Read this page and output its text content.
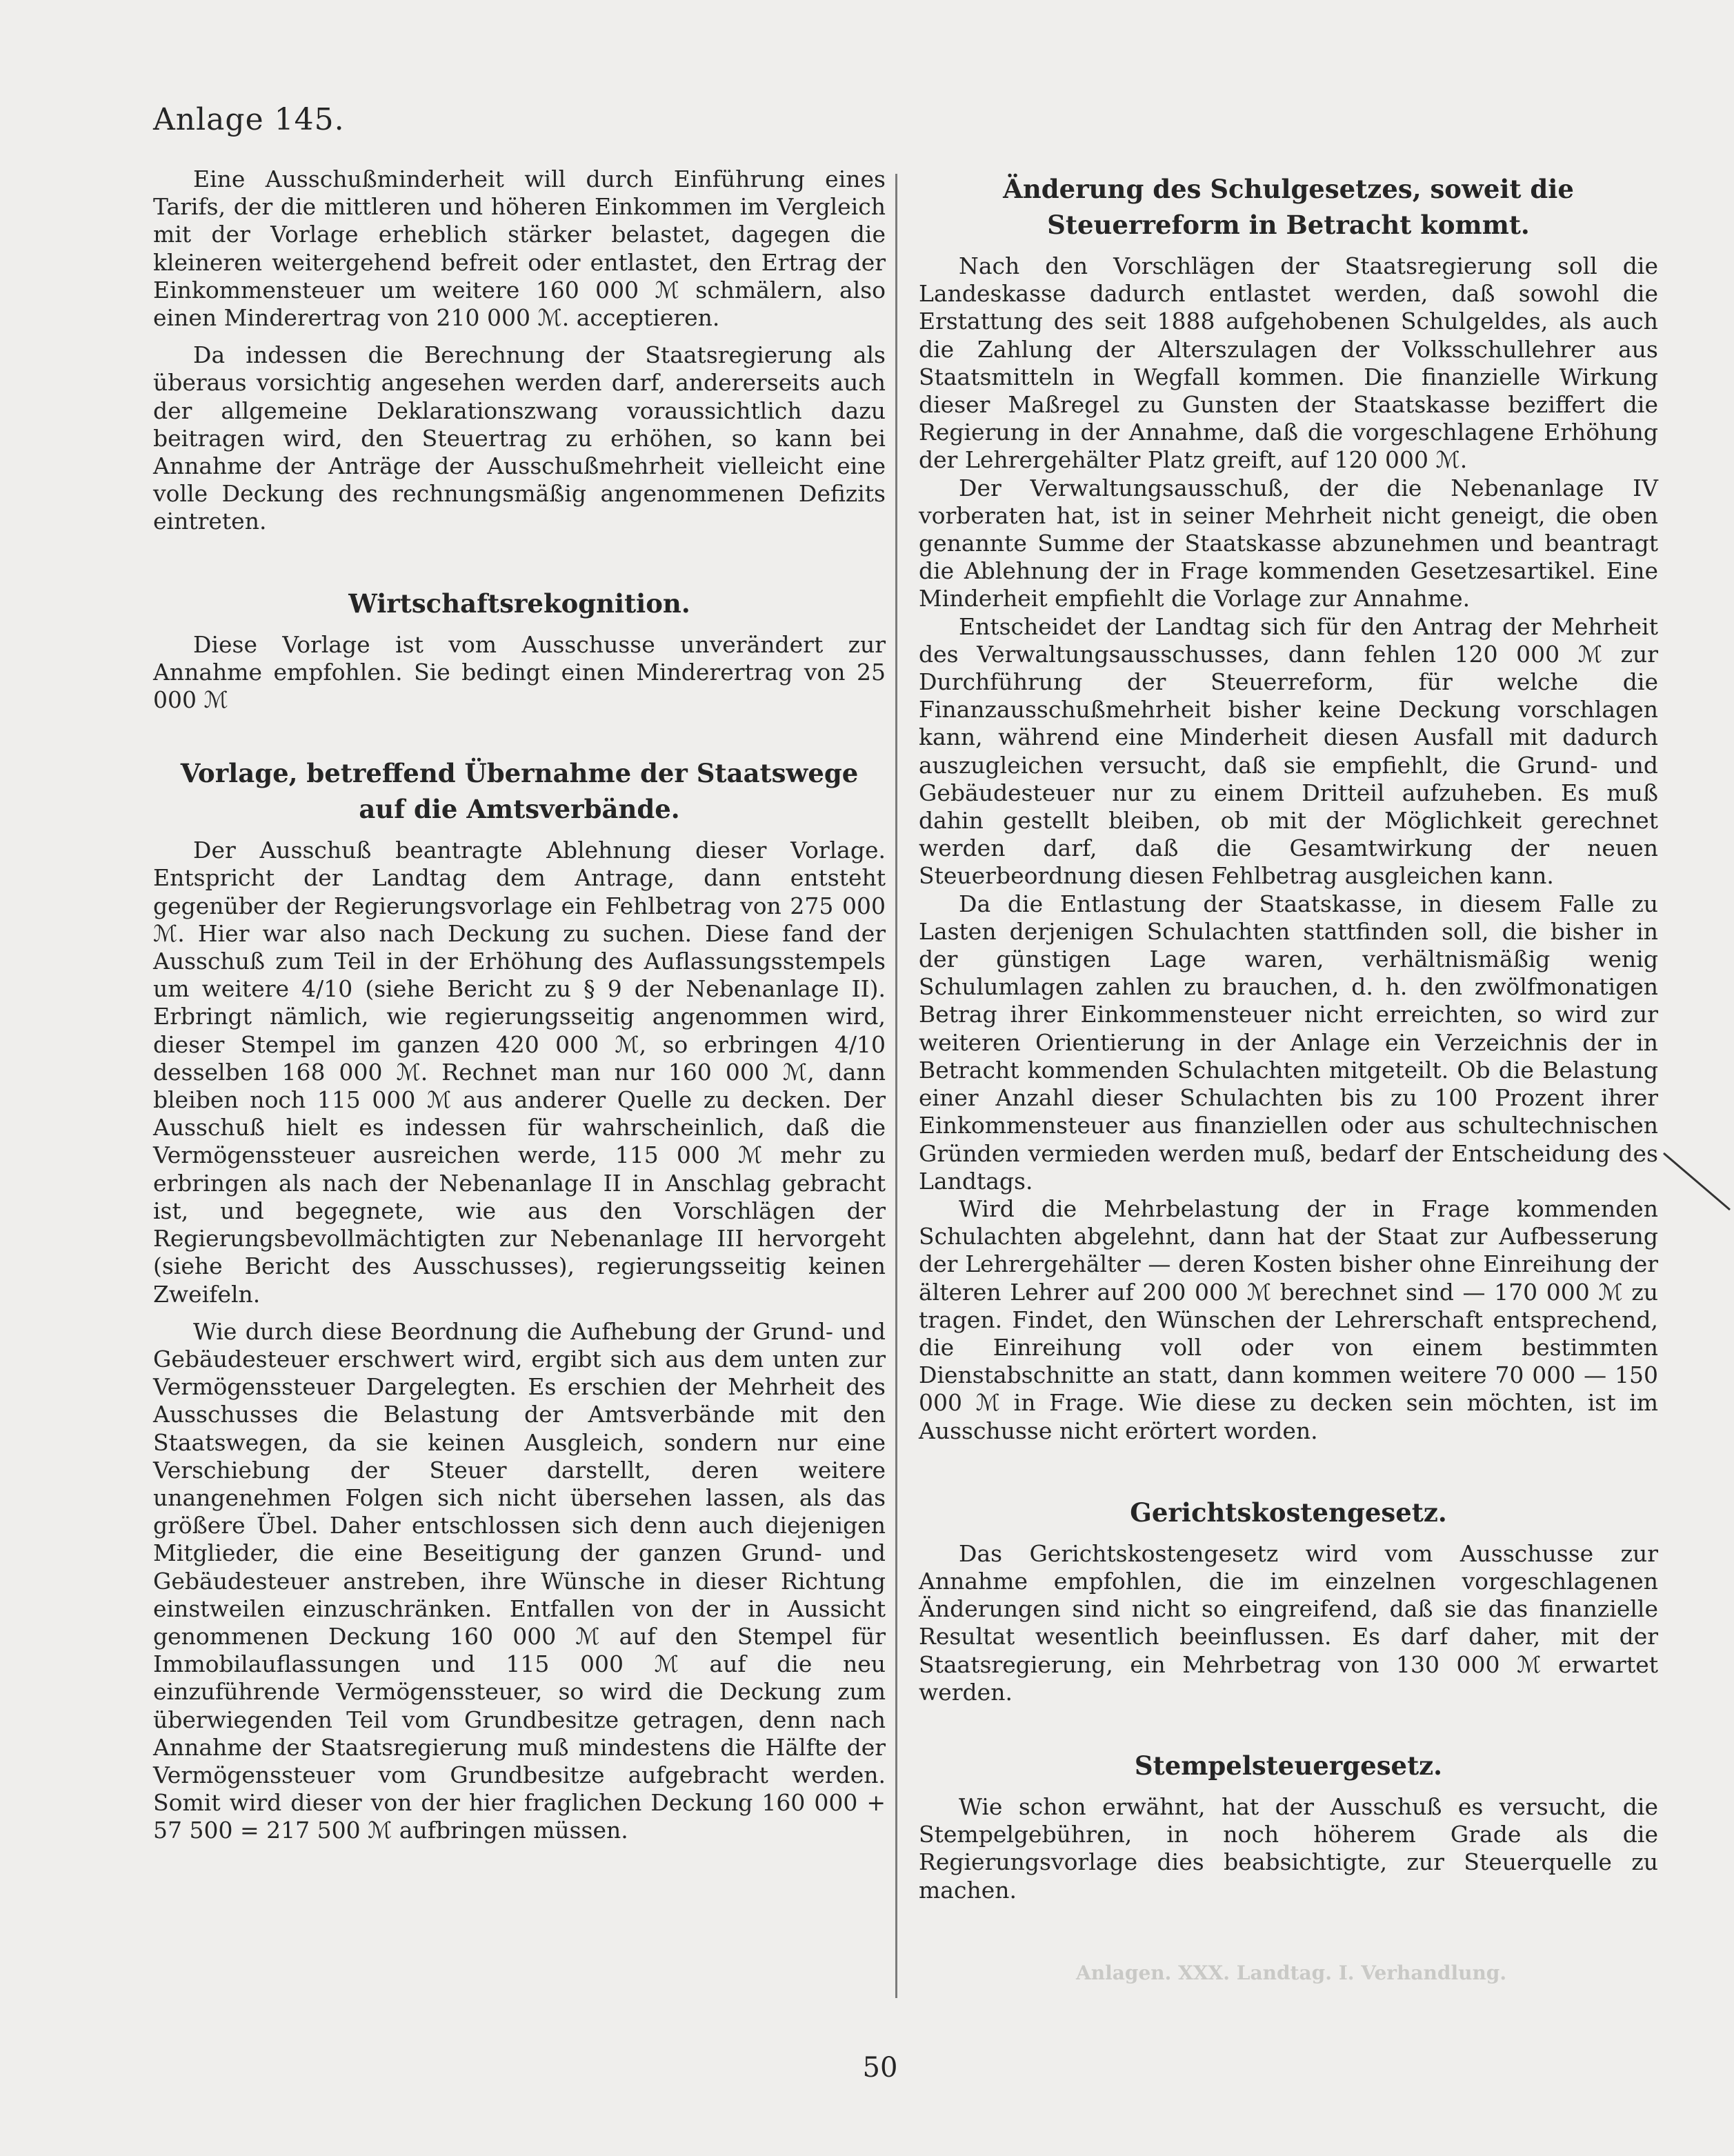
Anlage 145.

Eine Ausschußminderheit will durch Einführung eines Tarifs, der die mittleren und höheren Einkommen im Vergleich mit der Vorlage erheblich stärker belastet, dagegen die kleineren weitergehend befreit oder entlastet, den Ertrag der Einkommensteuer um weitere 160 000 ℳ schmälern, also einen Minderertrag von 210 000 ℳ. acceptieren.

Da indessen die Berechnung der Staatsregierung als überaus vorsichtig angesehen werden darf, andererseits auch der allgemeine Deklarationszwang voraussichtlich dazu beitragen wird, den Steuertrag zu erhöhen, so kann bei Annahme der Anträge der Ausschußmehrheit vielleicht eine volle Deckung des rechnungsmäßig angenommenen Defizits eintreten.

Wirtschaftsrekognition.

Diese Vorlage ist vom Ausschusse unverändert zur Annahme empfohlen. Sie bedingt einen Minderertrag von 25 000 ℳ

Vorlage, betreffend Übernahme der Staatswege auf die Amtsverbände.

Der Ausschuß beantragte Ablehnung dieser Vorlage. Entspricht der Landtag dem Antrage, dann entsteht gegenüber der Regierungsvorlage ein Fehlbetrag von 275 000 ℳ. Hier war also nach Deckung zu suchen. Diese fand der Ausschuß zum Teil in der Erhöhung des Auflassungsstempels um weitere 4/10 (siehe Bericht zu § 9 der Nebenanlage II). Erbringt nämlich, wie regierungsseitig angenommen wird, dieser Stempel im ganzen 420 000 ℳ, so erbringen 4/10 desselben 168 000 ℳ. Rechnet man nur 160 000 ℳ, dann bleiben noch 115 000 ℳ aus anderer Quelle zu decken. Der Ausschuß hielt es indessen für wahrscheinlich, daß die Vermögenssteuer ausreichen werde, 115 000 ℳ mehr zu erbringen als nach der Nebenanlage II in Anschlag gebracht ist, und begegnete, wie aus den Vorschlägen der Regierungsbevollmächtigten zur Nebenanlage III hervorgeht (siehe Bericht des Ausschusses), regierungsseitig keinen Zweifeln.

Wie durch diese Beordnung die Aufhebung der Grund- und Gebäudesteuer erschwert wird, ergibt sich aus dem unten zur Vermögenssteuer Dargelegten. Es erschien der Mehrheit des Ausschusses die Belastung der Amtsverbände mit den Staatswegen, da sie keinen Ausgleich, sondern nur eine Verschiebung der Steuer darstellt, deren weitere unangenehmen Folgen sich nicht übersehen lassen, als das größere Übel. Daher entschlossen sich denn auch diejenigen Mitglieder, die eine Beseitigung der ganzen Grund- und Gebäudesteuer anstreben, ihre Wünsche in dieser Richtung einstweilen einzuschränken. Entfallen von der in Aussicht genommenen Deckung 160 000 ℳ auf den Stempel für Immobilauflassungen und 115 000 ℳ auf die neu einzuführende Vermögenssteuer, so wird die Deckung zum überwiegenden Teil vom Grundbesitze getragen, denn nach Annahme der Staatsregierung muß mindestens die Hälfte der Vermögenssteuer vom Grundbesitze aufgebracht werden. Somit wird dieser von der hier fraglichen Deckung 160 000 + 57 500 = 217 500 ℳ aufbringen müssen.

Änderung des Schulgesetzes, soweit die Steuerreform in Betracht kommt.

Nach den Vorschlägen der Staatsregierung soll die Landeskasse dadurch entlastet werden, daß sowohl die Erstattung des seit 1888 aufgehobenen Schulgeldes, als auch die Zahlung der Alterszulagen der Volksschullehrer aus Staatsmitteln in Wegfall kommen. Die finanzielle Wirkung dieser Maßregel zu Gunsten der Staatskasse beziffert die Regierung in der Annahme, daß die vorgeschlagene Erhöhung der Lehrergehälter Platz greift, auf 120 000 ℳ.

Der Verwaltungsausschuß, der die Nebenanlage IV vorberaten hat, ist in seiner Mehrheit nicht geneigt, die oben genannte Summe der Staatskasse abzunehmen und beantragt die Ablehnung der in Frage kommenden Gesetzesartikel. Eine Minderheit empfiehlt die Vorlage zur Annahme.

Entscheidet der Landtag sich für den Antrag der Mehrheit des Verwaltungsausschusses, dann fehlen 120 000 ℳ zur Durchführung der Steuerreform, für welche die Finanzausschußmehrheit bisher keine Deckung vorschlagen kann, während eine Minderheit diesen Ausfall mit dadurch auszugleichen versucht, daß sie empfiehlt, die Grund- und Gebäudesteuer nur zu einem Dritteil aufzuheben. Es muß dahin gestellt bleiben, ob mit der Möglichkeit gerechnet werden darf, daß die Gesamtwirkung der neuen Steuerbeordnung diesen Fehlbetrag ausgleichen kann.

Da die Entlastung der Staatskasse, in diesem Falle zu Lasten derjenigen Schulachten stattfinden soll, die bisher in der günstigen Lage waren, verhältnismäßig wenig Schulumlagen zahlen zu brauchen, d. h. den zwölfmonatigen Betrag ihrer Einkommensteuer nicht erreichten, so wird zur weiteren Orientierung in der Anlage ein Verzeichnis der in Betracht kommenden Schulachten mitgeteilt. Ob die Belastung einer Anzahl dieser Schulachten bis zu 100 Prozent ihrer Einkommensteuer aus finanziellen oder aus schultechnischen Gründen vermieden werden muß, bedarf der Entscheidung des Landtags.

Wird die Mehrbelastung der in Frage kommenden Schulachten abgelehnt, dann hat der Staat zur Aufbesserung der Lehrergehälter — deren Kosten bisher ohne Einreihung der älteren Lehrer auf 200 000 ℳ berechnet sind — 170 000 ℳ zu tragen. Findet, den Wünschen der Lehrerschaft entsprechend, die Einreihung voll oder von einem bestimmten Dienstabschnitte an statt, dann kommen weitere 70 000 — 150 000 ℳ in Frage. Wie diese zu decken sein möchten, ist im Ausschusse nicht erörtert worden.

Gerichtskostengesetz.

Das Gerichtskostengesetz wird vom Ausschusse zur Annahme empfohlen, die im einzelnen vorgeschlagenen Änderungen sind nicht so eingreifend, daß sie das finanzielle Resultat wesentlich beeinflussen. Es darf daher, mit der Staatsregierung, ein Mehrbetrag von 130 000 ℳ erwartet werden.

Stempelsteuergesetz.

Wie schon erwähnt, hat der Ausschuß es versucht, die Stempelgebühren, in noch höherem Grade als die Regierungsvorlage dies beabsichtigte, zur Steuerquelle zu machen.

Anlagen. XXX. Landtag. I. Verhandlung.
50
